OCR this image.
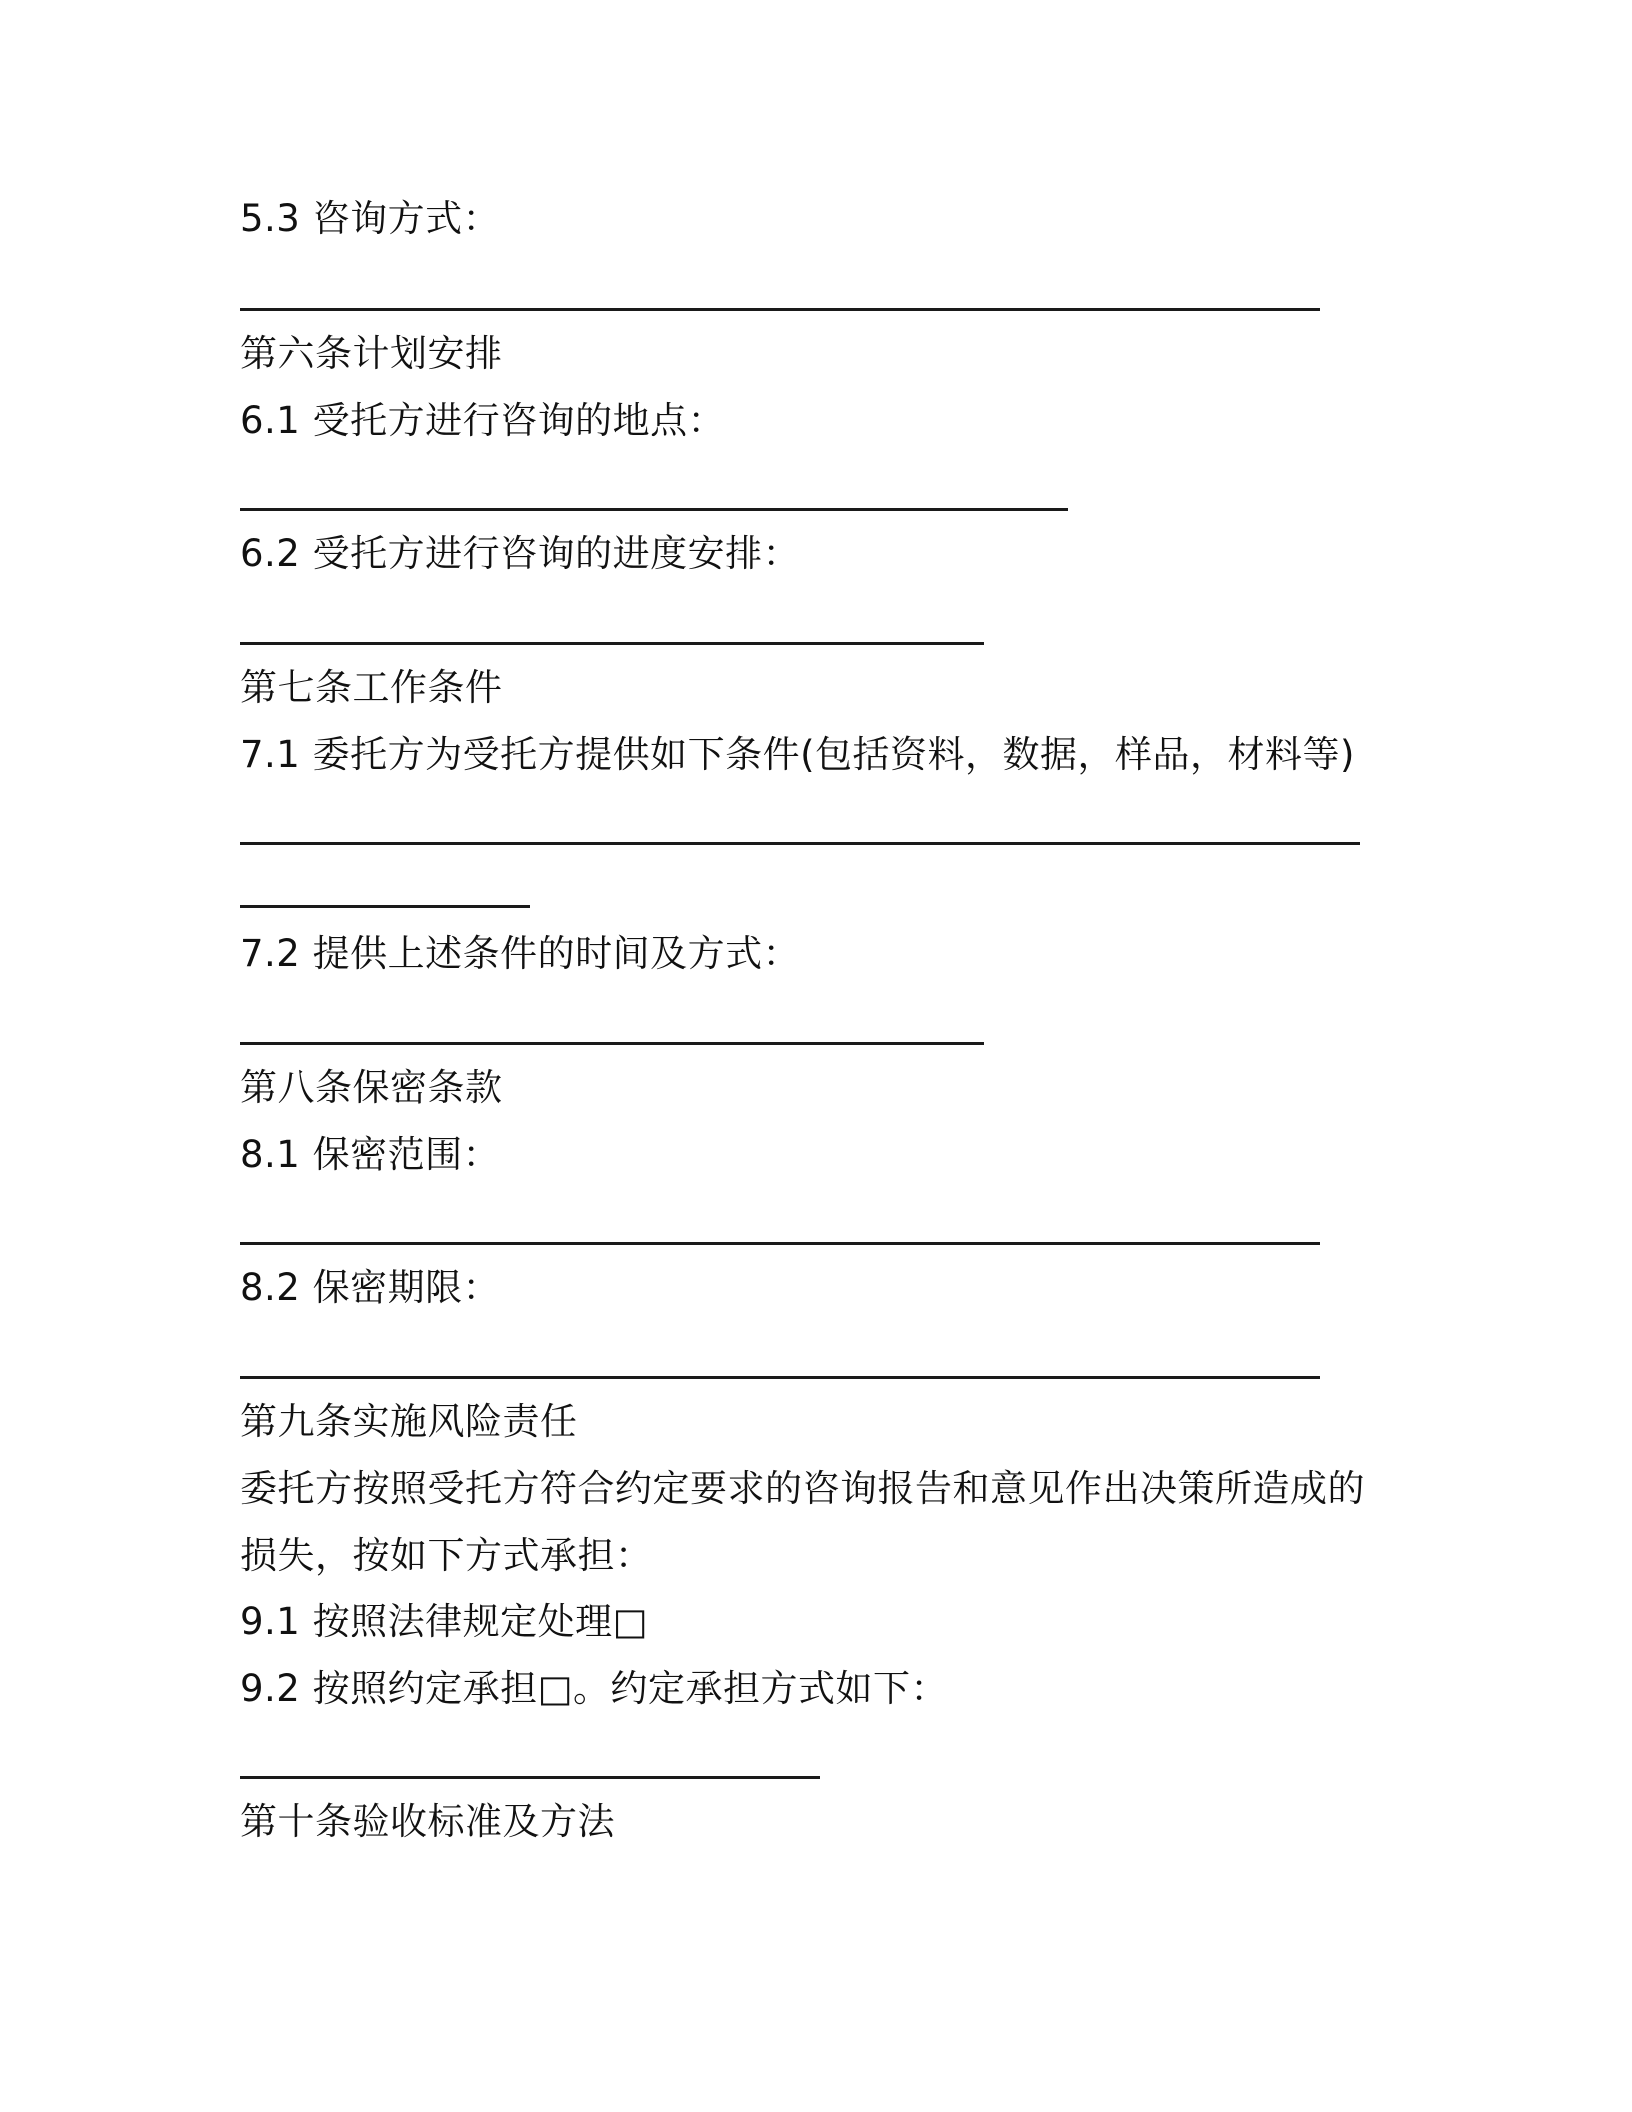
5.3 咨询方式：
第六条计划安排
6.1 受托方进行咨询的地点：
6.2 受托方进行咨询的进度安排：
第七条工作条件
7.1 委托方为受托方提供如下条件(包括资料，数据，样品，材料等)
7.2 提供上述条件的时间及方式：
第八条保密条款
8.1 保密范围：
8.2 保密期限：
第九条实施风险责任
委托方按照受托方符合约定要求的咨询报告和意见作出决策所造成的
损失，按如下方式承担：
9.1 按照法律规定处理□
9.2 按照约定承担□。约定承担方式如下：
第十条验收标准及方法
